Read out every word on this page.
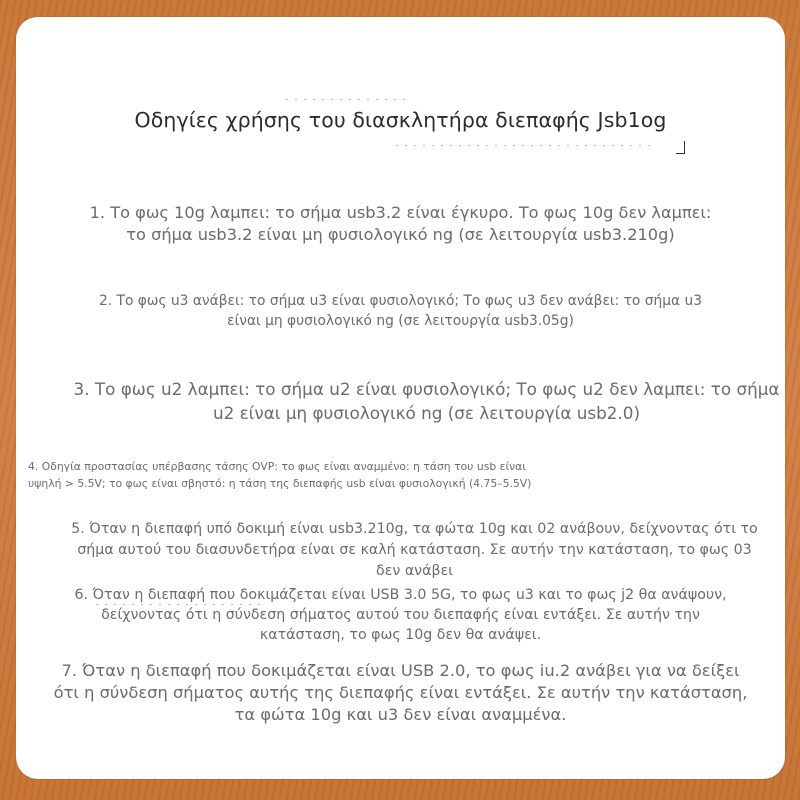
Οδηγίες χρήσης του διασκλητήρα διεπαφής Jsb1og
1. Το φως 10g λαμπει: το σήμα usb3.2 είναι έγκυρο. Το φως 10g δεν λαμπει:
το σήμα usb3.2 είναι μη φυσιολογικό ng (σε λειτουργία usb3.210g)
2. Το φως u3 ανάβει: το σήμα u3 είναι φυσιολογικό; Το φως u3 δεν ανάβει: το σήμα u3
είναι μη φυσιολογικό ng (σε λειτουργία usb3.05g)
3. Το φως u2 λαμπει: το σήμα u2 είναι φυσιολογικό; Το φως u2 δεν λαμπει: το σήμα
u2 είναι μη φυσιολογικό ng (σε λειτουργία usb2.0)
4. Οδηγία προστασίας υπέρβασης τάσης OVP: το φως είναι αναμμένο: η τάση του usb είναι
υψηλή > 5.5V; το φως είναι σβηστό: η τάση της διεπαφής usb είναι φυσιολογική (4.75–5.5V)
5. Όταν η διεπαφή υπό δοκιμή είναι usb3.210g, τα φώτα 10g και 02 ανάβουν, δείχνοντας ότι το
σήμα αυτού του διασυνδετήρα είναι σε καλή κατάσταση. Σε αυτήν την κατάσταση, το φως 03
δεν ανάβει
6. Όταν η διεπαφή που δοκιμάζεται είναι USB 3.0 5G, το φως u3 και το φως j2 θα ανάψουν,
δείχνοντας ότι η σύνδεση σήματος αυτού του διεπαφής είναι εντάξει. Σε αυτήν την
κατάσταση, το φως 10g δεν θα ανάψει.
7. Όταν η διεπαφή που δοκιμάζεται είναι USB 2.0, το φως iu.2 ανάβει για να δείξει
ότι η σύνδεση σήματος αυτής της διεπαφής είναι εντάξει. Σε αυτήν την κατάσταση,
τα φώτα 10g και u3 δεν είναι αναμμένα.
